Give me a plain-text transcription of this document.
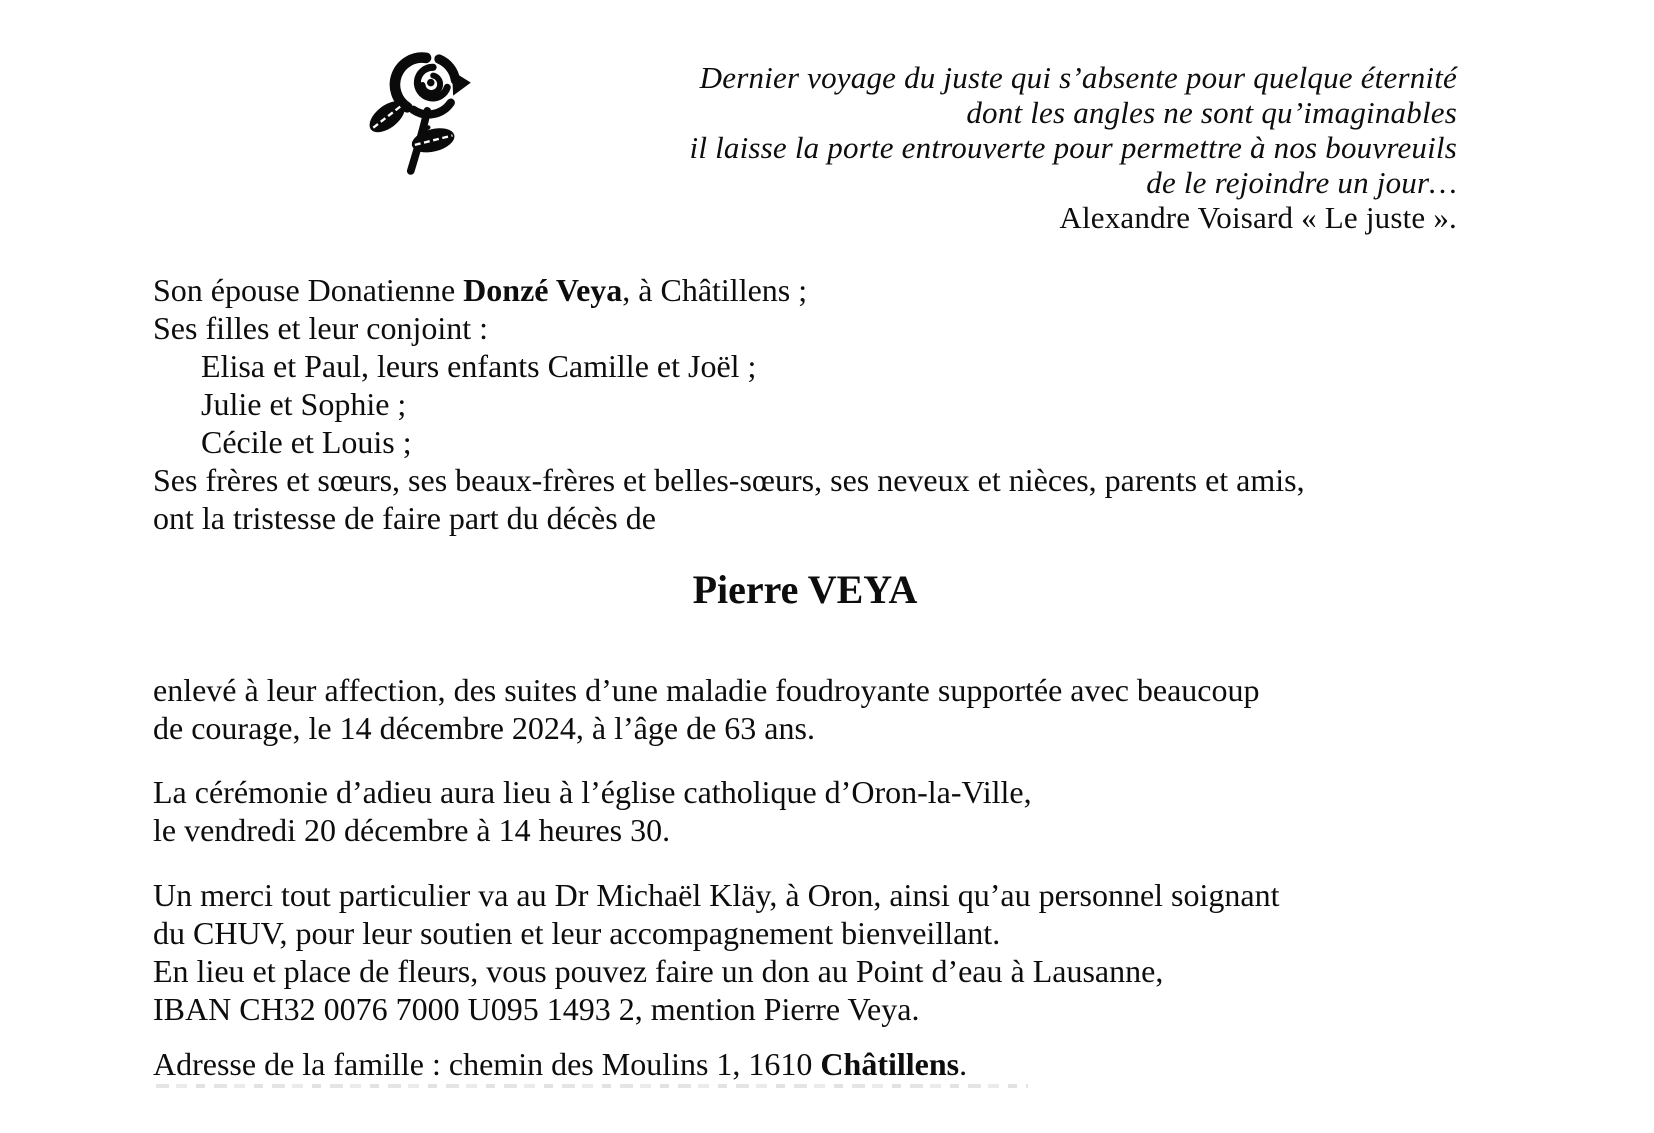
Dernier voyage du juste qui s’absente pour quelque éternité
dont les angles ne sont qu’imaginables
il laisse la porte entrouverte pour permettre à nos bouvreuils
de le rejoindre un jour…
Alexandre Voisard « Le juste ».
Son épouse Donatienne Donzé Veya, à Châtillens ;
Ses filles et leur conjoint :
Elisa et Paul, leurs enfants Camille et Joël ;
Julie et Sophie ;
Cécile et Louis ;
Ses frères et sœurs, ses beaux-frères et belles-sœurs, ses neveux et nièces, parents et amis,
ont la tristesse de faire part du décès de
Pierre VEYA
enlevé à leur affection, des suites d’une maladie foudroyante supportée avec beaucoup
de courage, le 14 décembre 2024, à l’âge de 63 ans.
La cérémonie d’adieu aura lieu à l’église catholique d’Oron-la-Ville,
le vendredi 20 décembre à 14 heures 30.
Un merci tout particulier va au Dr Michaël Kläy, à Oron, ainsi qu’au personnel soignant
du CHUV, pour leur soutien et leur accompagnement bienveillant.
En lieu et place de fleurs, vous pouvez faire un don au Point d’eau à Lausanne,
IBAN CH32 0076 7000 U095 1493 2, mention Pierre Veya.
Adresse de la famille : chemin des Moulins 1, 1610 Châtillens.
